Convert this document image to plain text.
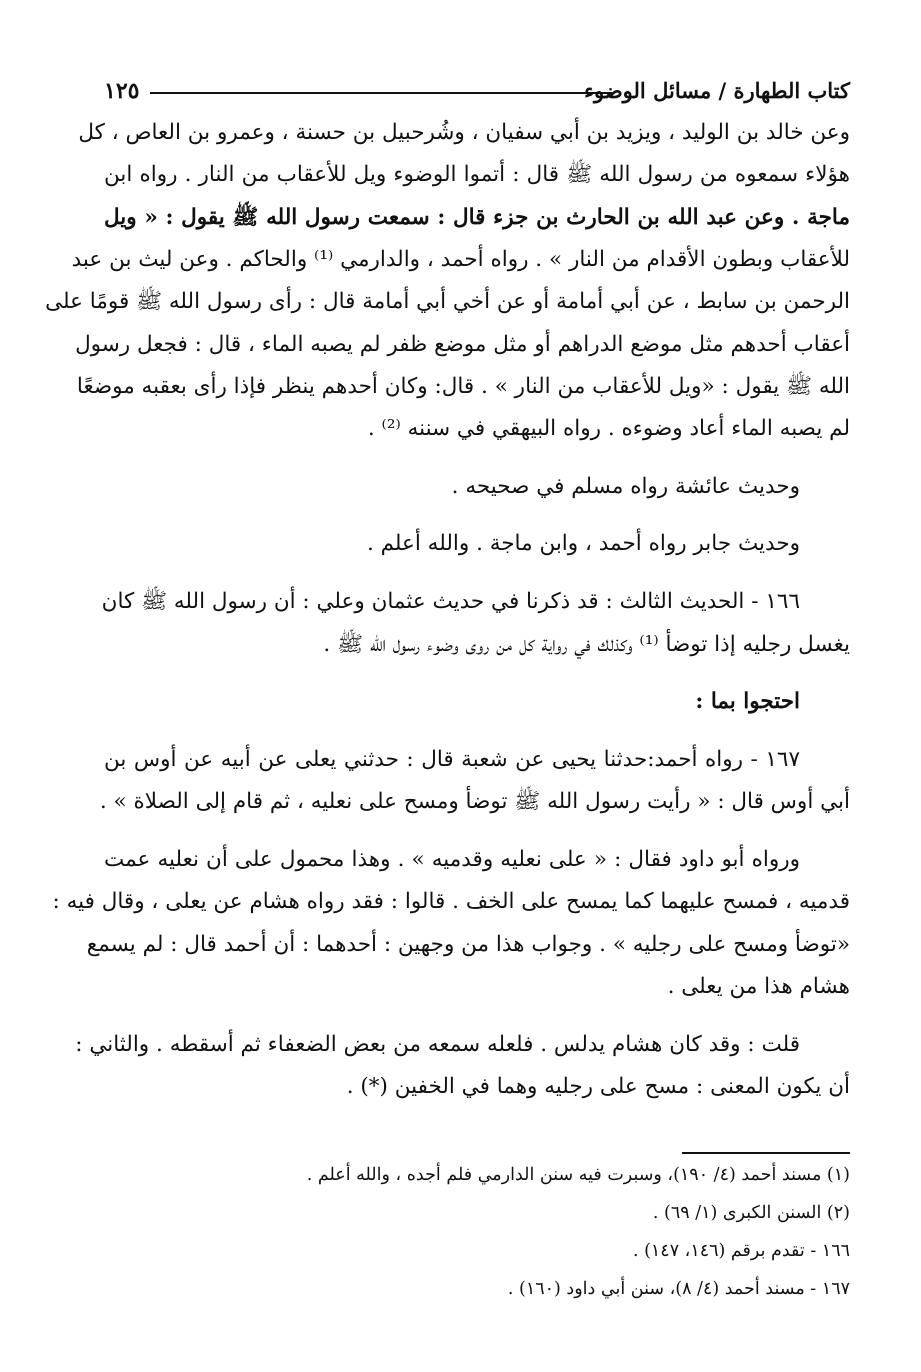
كتاب الطهارة / مسائل الوضوء
١٢٥
وعن خالد بن الوليد ، ويزيد بن أبي سفيان ، وشُرحبيل بن حسنة ، وعمرو بن العاص ، كل
هؤلاء سمعوه من رسول الله ﷺ قال : أتموا الوضوء ويل للأعقاب من النار . رواه ابن
ماجة . وعن عبد الله بن الحارث بن جزء قال : سمعت رسول الله ﷺ يقول : « ويل
للأعقاب وبطون الأقدام من النار » . رواه أحمد ، والدارمي ⁽¹⁾ والحاكم . وعن ليث بن عبد
الرحمن بن سابط ، عن أبي أمامة أو عن أخي أبي أمامة قال : رأى رسول الله ﷺ قومًا على
أعقاب أحدهم مثل موضع الدراهم أو مثل موضع ظفر لم يصبه الماء ، قال : فجعل رسول
الله ﷺ يقول : «ويل للأعقاب من النار » . قال: وكان أحدهم ينظر فإذا رأى بعقبه موضعًا
لم يصبه الماء أعاد وضوءه . رواه البيهقي في سننه ⁽²⁾ .
وحديث عائشة رواه مسلم في صحيحه .
وحديث جابر رواه أحمد ، وابن ماجة . والله أعلم .
١٦٦ - الحديث الثالث : قد ذكرنا في حديث عثمان وعلي : أن رسول الله ﷺ كان
يغسل رجليه إذا توضأ ⁽¹⁾ وكذلك في رواية كل من روى وضوء رسول الله ﷺ .
احتجوا بما :
١٦٧ - رواه أحمد:حدثنا يحيى عن شعبة قال : حدثني يعلى عن أبيه عن أوس بن
أبي أوس قال : « رأيت رسول الله ﷺ توضأ ومسح على نعليه ، ثم قام إلى الصلاة » .
ورواه أبو داود فقال : « على نعليه وقدميه » . وهذا محمول على أن نعليه عمت
قدميه ، فمسح عليهما كما يمسح على الخف . قالوا : فقد رواه هشام عن يعلى ، وقال فيه :
«توضأ ومسح على رجليه » . وجواب هذا من وجهين : أحدهما : أن أحمد قال : لم يسمع
هشام هذا من يعلى .
قلت : وقد كان هشام يدلس . فلعله سمعه من بعض الضعفاء ثم أسقطه . والثاني :
أن يكون المعنى : مسح على رجليه وهما في الخفين (*) .
(١) مسند أحمد (٤/ ١٩٠)، وسبرت فيه سنن الدارمي فلم أجده ، والله أعلم .
(٢) السنن الكبرى (١/ ٦٩) .
١٦٦ - تقدم برقم (١٤٦، ١٤٧) .
١٦٧ - مسند أحمد (٤/ ٨)، سنن أبي داود (١٦٠) .
